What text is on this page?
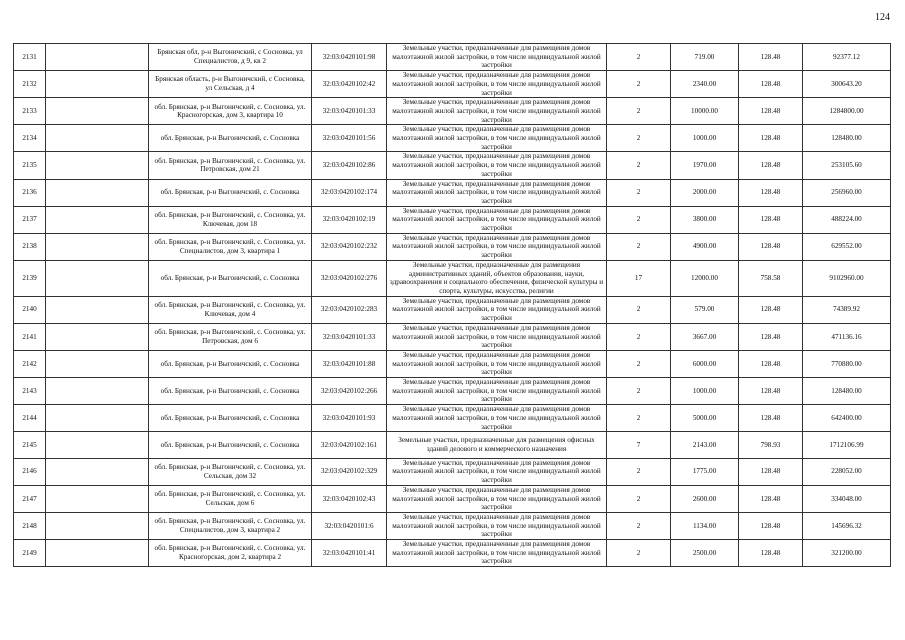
124
2131		Брянская обл, р-н Выгоничский, с Сосновка, ул Специалистов, д 9, кв 2	32:03:0420101:98	Земельные участки, предназначенные для размещения домов малоэтажной жилой застройки, в том числе индивидуальной жилой застройки	2	719.00	128.48	92377.12
2132		Брянская область, р-н Выгоничский, с Сосновка, ул Сельская, д 4	32:03:0420102:42	Земельные участки, предназначенные для размещения домов малоэтажной жилой застройки, в том числе индивидуальной жилой застройки	2	2340.00	128.48	300643.20
2133		обл. Брянская, р-н Выгоничский, с. Сосновка, ул. Красногорская, дом 3, квартира 10	32:03:0420101:33	Земельные участки, предназначенные для размещения домов малоэтажной жилой застройки, в том числе индивидуальной жилой застройки	2	10000.00	128.48	1284800.00
2134		обл. Брянская, р-н Выгоничский, с. Сосновка	32:03:0420101:56	Земельные участки, предназначенные для размещения домов малоэтажной жилой застройки, в том числе индивидуальной жилой застройки	2	1000.00	128.48	128480.00
2135		обл. Брянская, р-н Выгоничский, с. Сосновка, ул. Петровская, дом 21	32:03:0420102:86	Земельные участки, предназначенные для размещения домов малоэтажной жилой застройки, в том числе индивидуальной жилой застройки	2	1970.00	128.48	253105.60
2136		обл. Брянская, р-н Выгоничский, с. Сосновка	32:03:0420102:174	Земельные участки, предназначенные для размещения домов малоэтажной жилой застройки, в том числе индивидуальной жилой застройки	2	2000.00	128.48	256960.00
2137		обл. Брянская, р-н Выгоничский, с. Сосновка, ул. Ключевая, дом 18	32:03:0420102:19	Земельные участки, предназначенные для размещения домов малоэтажной жилой застройки, в том числе индивидуальной жилой застройки	2	3800.00	128.48	488224.00
2138		обл. Брянская, р-н Выгоничский, с. Сосновка, ул. Специалистов, дом 3, квартира 1	32:03:0420102:232	Земельные участки, предназначенные для размещения домов малоэтажной жилой застройки, в том числе индивидуальной жилой застройки	2	4900.00	128.48	629552.00
2139		обл. Брянская, р-н Выгоничский, с. Сосновка	32:03:0420102:276	Земельные участки, предназначенные для размещения административных зданий, объектов образования, науки, здравоохранения и социального обеспечения, физической культуры и спорта, культуры, искусства, религии	17	12000.00	758.58	9102960.00
2140		обл. Брянская, р-н Выгоничский, с. Сосновка, ул. Ключевая, дом 4	32:03:0420102:283	Земельные участки, предназначенные для размещения домов малоэтажной жилой застройки, в том числе индивидуальной жилой застройки	2	579.00	128.48	74389.92
2141		обл. Брянская, р-н Выгоничский, с. Сосновка, ул. Петровская, дом 6	32:03:0420101:33	Земельные участки, предназначенные для размещения домов малоэтажной жилой застройки, в том числе индивидуальной жилой застройки	2	3667.00	128.48	471136.16
2142		обл. Брянская, р-н Выгоничский, с. Сосновка	32:03:0420101:88	Земельные участки, предназначенные для размещения домов малоэтажной жилой застройки, в том числе индивидуальной жилой застройки	2	6000.00	128.48	770880.00
2143		обл. Брянская, р-н Выгоничский, с. Сосновка	32:03:0420102:266	Земельные участки, предназначенные для размещения домов малоэтажной жилой застройки, в том числе индивидуальной жилой застройки	2	1000.00	128.48	128480.00
2144		обл. Брянская, р-н Выгоничский, с. Сосновка	32:03:0420101:93	Земельные участки, предназначенные для размещения домов малоэтажной жилой застройки, в том числе индивидуальной жилой застройки	2	5000.00	128.48	642400.00
2145		обл. Брянская, р-н Выгоничский, с. Сосновка	32:03:0420102:161	Земельные участки, предназначенные для размещения офисных зданий делового и коммерческого назначения	7	2143.00	798.93	1712106.99
2146		обл. Брянская, р-н Выгоничский, с. Сосновка, ул. Сельская, дом 32	32:03:0420102:329	Земельные участки, предназначенные для размещения домов малоэтажной жилой застройки, в том числе индивидуальной жилой застройки	2	1775.00	128.48	228052.00
2147		обл. Брянская, р-н Выгоничский, с. Сосновка, ул. Сельская, дом 6	32:03:0420102:43	Земельные участки, предназначенные для размещения домов малоэтажной жилой застройки, в том числе индивидуальной жилой застройки	2	2600.00	128.48	334048.00
2148		обл. Брянская, р-н Выгоничский, с. Сосновка, ул. Специалистов, дом 3, квартира 2	32:03:0420101:6	Земельные участки, предназначенные для размещения домов малоэтажной жилой застройки, в том числе индивидуальной жилой застройки	2	1134.00	128.48	145696.32
2149		обл. Брянская, р-н Выгоничский, с. Сосновка, ул. Красногорская, дом 2, квартира 2	32:03:0420101:41	Земельные участки, предназначенные для размещения домов малоэтажной жилой застройки, в том числе индивидуальной жилой застройки	2	2500.00	128.48	321200.00
